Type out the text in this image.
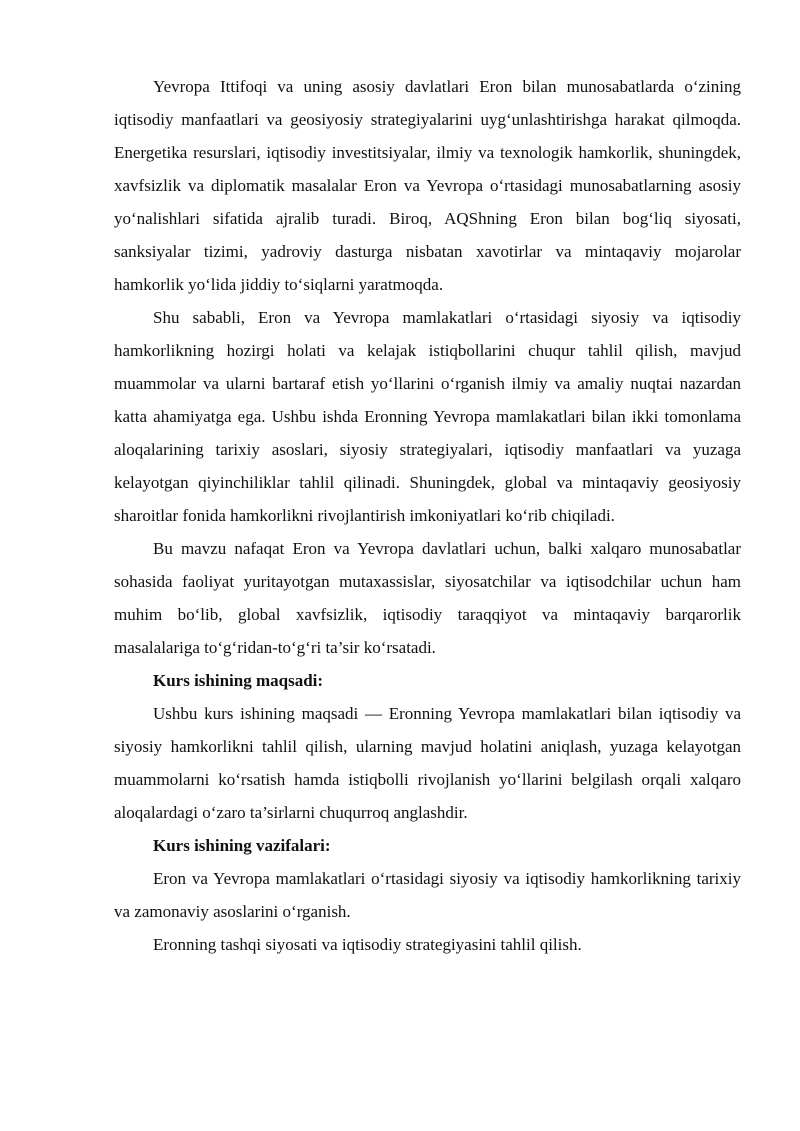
Yevropa Ittifoqi va uning asosiy davlatlari Eron bilan munosabatlarda o‘zining iqtisodiy manfaatlari va geosiyosiy strategiyalarini uyg‘unlashtirishga harakat qilmoqda. Energetika resurslari, iqtisodiy investitsiyalar, ilmiy va texnologik hamkorlik, shuningdek, xavfsizlik va diplomatik masalalar Eron va Yevropa o‘rtasidagi munosabatlarning asosiy yo‘nalishlari sifatida ajralib turadi. Biroq, AQShning Eron bilan bog‘liq siyosati, sanksiyalar tizimi, yadroviy dasturga nisbatan xavotirlar va mintaqaviy mojarolar hamkorlik yo‘lida jiddiy to‘siqlarni yaratmoqda.

Shu sababli, Eron va Yevropa mamlakatlari o‘rtasidagi siyosiy va iqtisodiy hamkorlikning hozirgi holati va kelajak istiqbollarini chuqur tahlil qilish, mavjud muammolar va ularni bartaraf etish yo‘llarini o‘rganish ilmiy va amaliy nuqtai nazardan katta ahamiyatga ega. Ushbu ishda Eronning Yevropa mamlakatlari bilan ikki tomonlama aloqalarining tarixiy asoslari, siyosiy strategiyalari, iqtisodiy manfaatlari va yuzaga kelayotgan qiyinchiliklar tahlil qilinadi. Shuningdek, global va mintaqaviy geosiyosiy sharoitlar fonida hamkorlikni rivojlantirish imkoniyatlari ko‘rib chiqiladi.

Bu mavzu nafaqat Eron va Yevropa davlatlari uchun, balki xalqaro munosabatlar sohasida faoliyat yuritayotgan mutaxassislar, siyosatchilar va iqtisodchilar uchun ham muhim bo‘lib, global xavfsizlik, iqtisodiy taraqqiyot va mintaqaviy barqarorlik masalalariga to‘g‘ridan-to‘g‘ri ta’sir ko‘rsatadi.

Kurs ishining maqsadi:

Ushbu kurs ishining maqsadi — Eronning Yevropa mamlakatlari bilan iqtisodiy va siyosiy hamkorlikni tahlil qilish, ularning mavjud holatini aniqlash, yuzaga kelayotgan muammolarni ko‘rsatish hamda istiqbolli rivojlanish yo‘llarini belgilash orqali xalqaro aloqalardagi o‘zaro ta’sirlarni chuqurroq anglashdir.

Kurs ishining vazifalari:

Eron va Yevropa mamlakatlari o‘rtasidagi siyosiy va iqtisodiy hamkorlikning tarixiy va zamonaviy asoslarini o‘rganish.

Eronning tashqi siyosati va iqtisodiy strategiyasini tahlil qilish.
